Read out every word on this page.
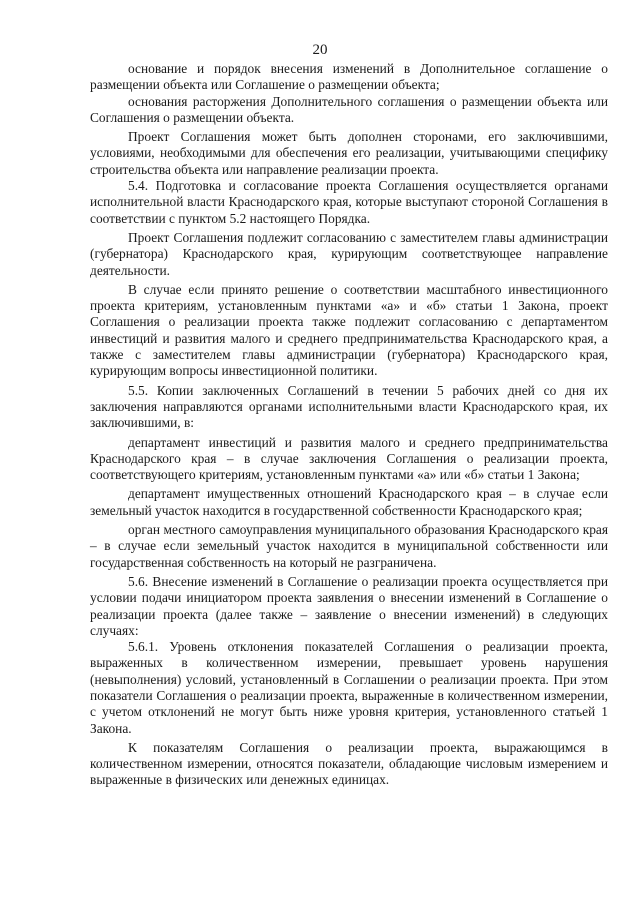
20

основание и порядок внесения изменений в Дополнительное соглашение о размещении объекта или Соглашение о размещении объекта;

основания расторжения Дополнительного соглашения о размещении объекта или Соглашения о размещении объекта.

Проект Соглашения может быть дополнен сторонами, его заключившими, условиями, необходимыми для обеспечения его реализации, учитывающими специфику строительства объекта или направление реализации проекта.

5.4. Подготовка и согласование проекта Соглашения осуществляется органами исполнительной власти Краснодарского края, которые выступают стороной Соглашения в соответствии с пунктом 5.2 настоящего Порядка.

Проект Соглашения подлежит согласованию с заместителем главы администрации (губернатора) Краснодарского края, курирующим соответствующее направление деятельности.

В случае если принято решение о соответствии масштабного инвестиционного проекта критериям, установленным пунктами «а» и «б» статьи 1 Закона, проект Соглашения о реализации проекта также подлежит согласованию с департаментом инвестиций и развития малого и среднего предпринимательства Краснодарского края, а также с заместителем главы администрации (губернатора) Краснодарского края, курирующим вопросы инвестиционной политики.

5.5. Копии заключенных Соглашений в течении 5 рабочих дней со дня их заключения направляются органами исполнительными власти Краснодарского края, их заключившими, в:

департамент инвестиций и развития малого и среднего предпринимательства Краснодарского края – в случае заключения Соглашения о реализации проекта, соответствующего критериям, установленным пунктами «а» или «б» статьи 1 Закона;

департамент имущественных отношений Краснодарского края – в случае если земельный участок находится в государственной собственности Краснодарского края;

орган местного самоуправления муниципального образования Краснодарского края – в случае если земельный участок находится в муниципальной собственности или государственная собственность на который не разграничена.

5.6. Внесение изменений в Соглашение о реализации проекта осуществляется при условии подачи инициатором проекта заявления о внесении изменений в Соглашение о реализации проекта (далее также – заявление о внесении изменений) в следующих случаях:

5.6.1. Уровень отклонения показателей Соглашения о реализации проекта, выраженных в количественном измерении, превышает уровень нарушения (невыполнения) условий, установленный в Соглашении о реализации проекта. При этом показатели Соглашения о реализации проекта, выраженные в количественном измерении, с учетом отклонений не могут быть ниже уровня критерия, установленного статьей 1 Закона.

К показателям Соглашения о реализации проекта, выражающимся в количественном измерении, относятся показатели, обладающие числовым измерением и выраженные в физических или денежных единицах.
